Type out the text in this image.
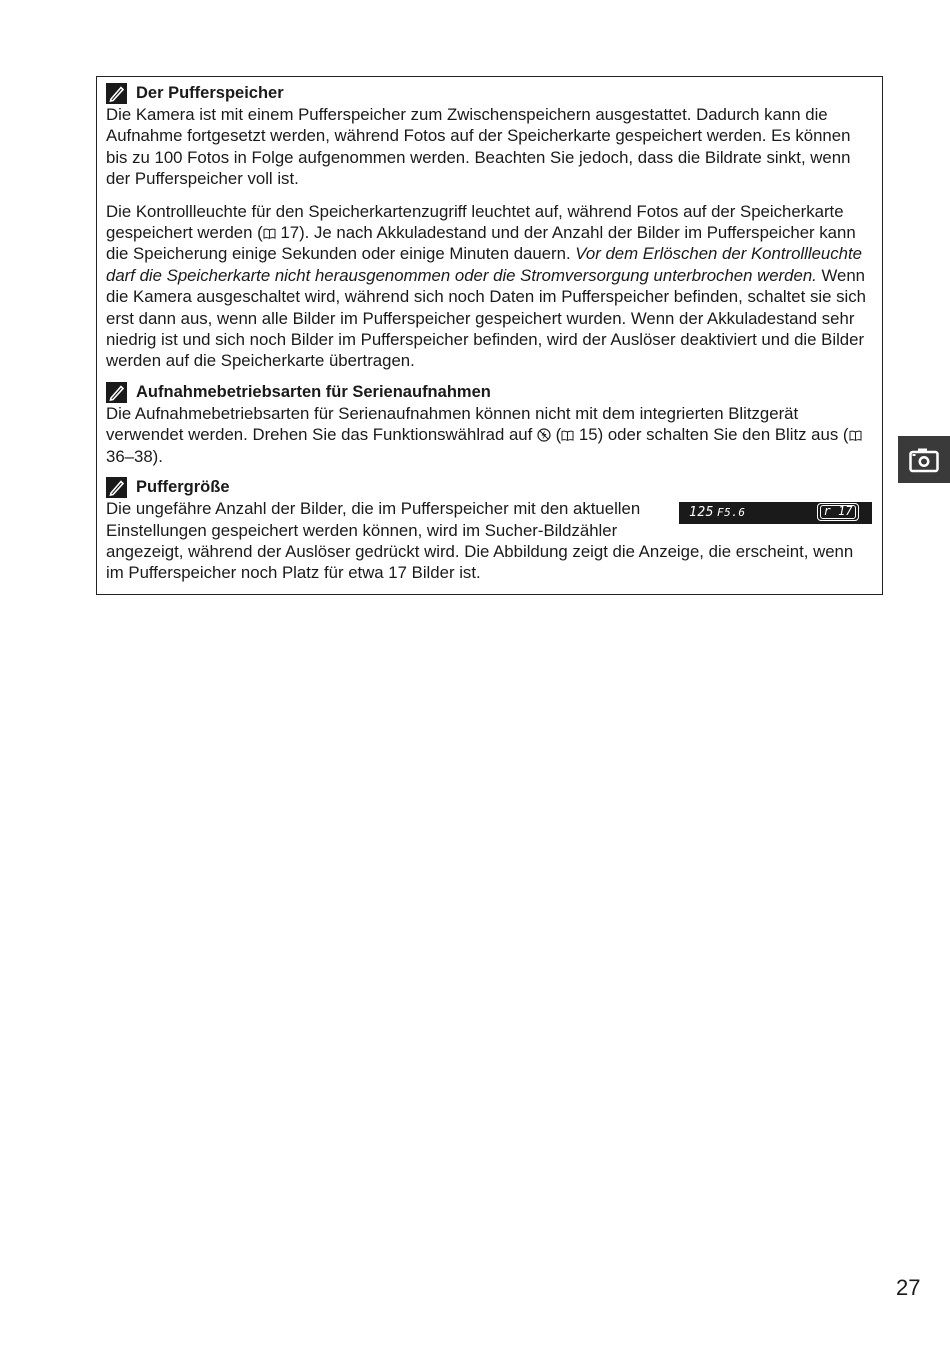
Der Pufferspeicher

Die Kamera ist mit einem Pufferspeicher zum Zwischenspeichern ausgestattet. Dadurch kann die Aufnahme fortgesetzt werden, während Fotos auf der Speicherkarte gespeichert werden. Es können bis zu 100 Fotos in Folge aufgenommen werden. Beachten Sie jedoch, dass die Bildrate sinkt, wenn der Pufferspeicher voll ist.

Die Kontrollleuchte für den Speicherkartenzugriff leuchtet auf, während Fotos auf der Speicherkarte gespeichert werden ( 17). Je nach Akkuladestand und der Anzahl der Bilder im Pufferspeicher kann die Speicherung einige Sekunden oder einige Minuten dauern. Vor dem Erlöschen der Kontrollleuchte darf die Speicherkarte nicht herausgenommen oder die Stromversorgung unterbrochen werden. Wenn die Kamera ausgeschaltet wird, während sich noch Daten im Pufferspeicher befinden, schaltet sie sich erst dann aus, wenn alle Bilder im Pufferspeicher gespeichert wurden. Wenn der Akkuladestand sehr niedrig ist und sich noch Bilder im Pufferspeicher befinden, wird der Auslöser deaktiviert und die Bilder werden auf die Speicherkarte übertragen.

Aufnahmebetriebsarten für Serienaufnahmen

Die Aufnahmebetriebsarten für Serienaufnahmen können nicht mit dem integrierten Blitzgerät verwendet werden. Drehen Sie das Funktionswählrad auf  ( 15) oder schalten Sie den Blitz aus ( 36–38).

Puffergröße
125 F5.6	r 17

Die ungefähre Anzahl der Bilder, die im Pufferspeicher mit den aktuellen Einstellungen gespeichert werden können, wird im Sucher-Bildzähler angezeigt, während der Auslöser gedrückt wird. Die Abbildung zeigt die Anzeige, die erscheint, wenn im Pufferspeicher noch Platz für etwa 17 Bilder ist.

27
